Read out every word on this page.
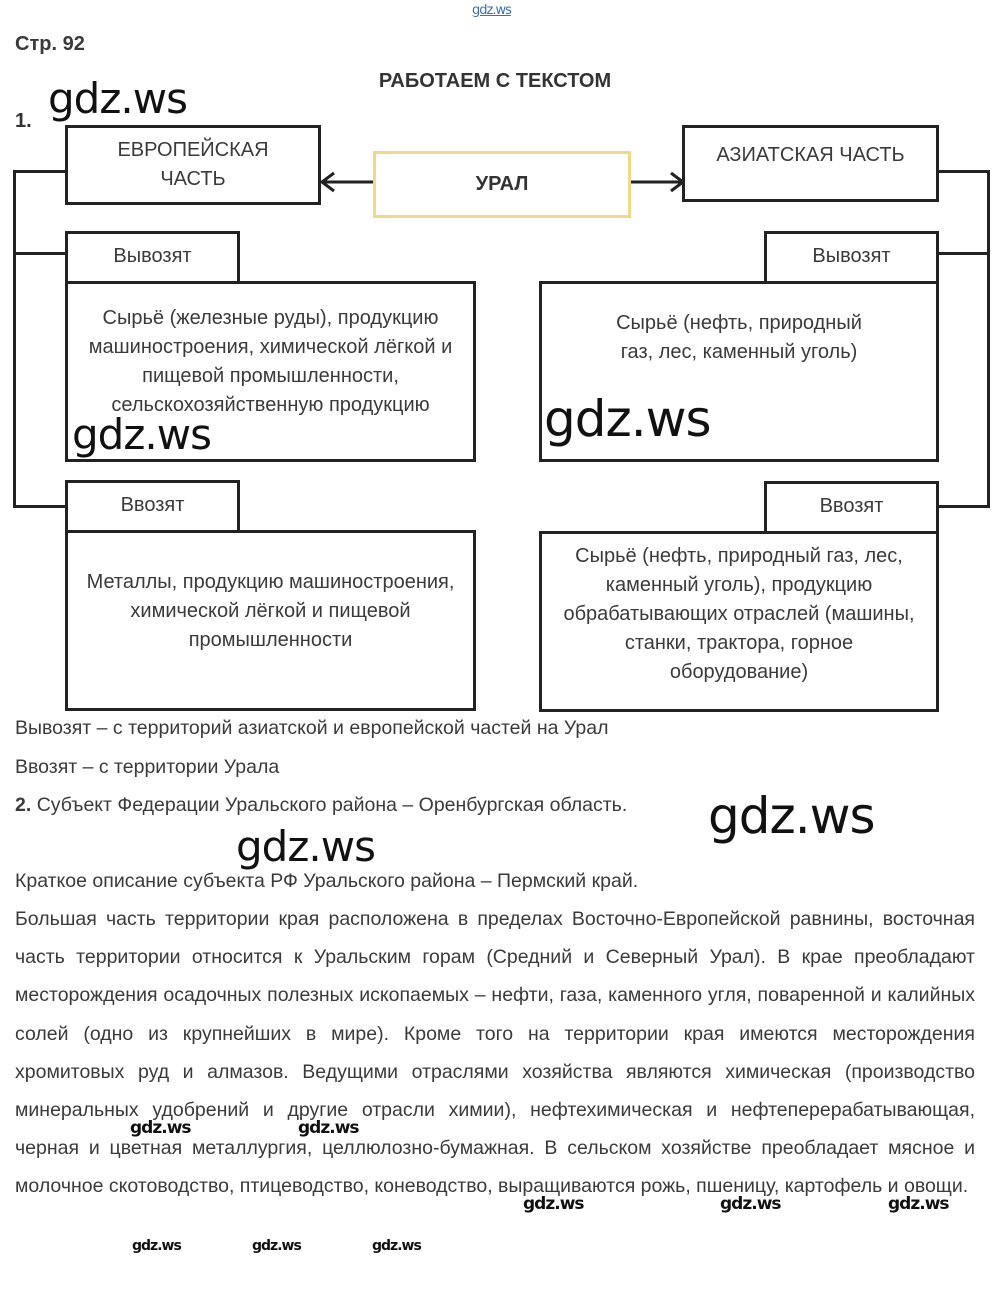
gdz.ws
Стр. 92
РАБОТАЕМ С ТЕКСТОМ
1.
ЕВРОПЕЙСКАЯ ЧАСТЬ	УРАЛ
АЗИАТСКАЯ ЧАСТЬ
Вывозят
Сырьё (железные руды), продукцию машиностроения, химической лёгкой и пищевой промышленности, сельскохозяйственную продукцию
Ввозят
Металлы, продукцию машиностроения, химической лёгкой и пищевой промышленности
Вывозят
Сырьё (нефть, природный газ, лес, каменный уголь)
Ввозят
Сырьё (нефть, природный газ, лес, каменный уголь), продукцию обрабатывающих отраслей (машины, станки, трактора, горное оборудование)
Вывозят – с территорий азиатской и европейской частей на Урал
Ввозят – с территории Урала
2. Субъект Федерации Уральского района – Оренбургская область.
Краткое описание субъекта РФ Уральского района – Пермский край.
Большая часть территории края расположена в пределах Восточно-Европейской равнины, восточная часть территории относится к Уральским горам (Средний и Северный Урал). В крае преобладают месторождения осадочных полезных ископаемых – нефти, газа, каменного угля, поваренной и калийных солей (одно из крупнейших в мире). Кроме того на территории края имеются месторождения хромитовых руд и алмазов. Ведущими отраслями хозяйства являются химическая (производство минеральных удобрений и другие отрасли химии), нефтехимическая и нефтеперерабатывающая, черная и цветная металлургия, целлюлозно-бумажная. В сельском хозяйстве преобладает мясное и молочное скотоводство, птицеводство, коневодство, выращиваются рожь, пшеницу, картофель и овощи.
gdz.ws
gdz.ws	gdz.ws
gdz.ws
gdz.ws
gdz.ws	gdz.ws
gdz.ws	gdz.ws	gdz.ws
gdz.ws	gdz.ws	gdz.ws
